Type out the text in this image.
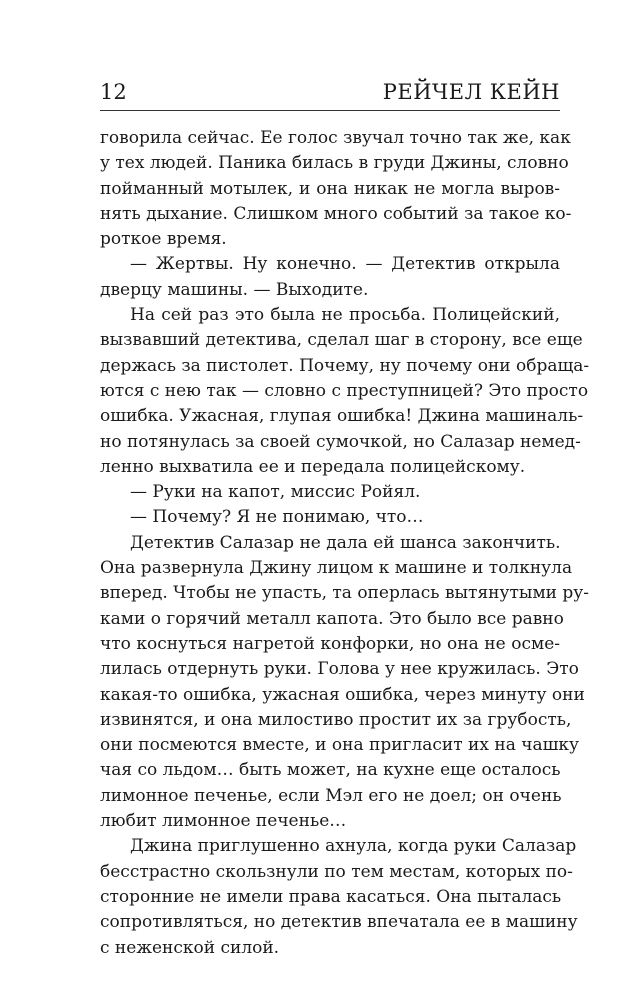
12	РЕЙЧЕЛ КЕЙН
говорила сейчас. Ее голос звучал точно так же, как
у тех людей. Паника билась в груди Джины, словно
пойманный мотылек, и она никак не могла выров-
нять дыхание. Слишком много событий за такое ко-
роткое время.
— Жертвы. Ну конечно. — Детектив открыла
дверцу машины. — Выходите.
На сей раз это была не просьба. Полицейский,
вызвавший детектива, сделал шаг в сторону, все еще
держась за пистолет. Почему, ну почему они обраща-
ются с нею так — словно с преступницей? Это просто
ошибка. Ужасная, глупая ошибка! Джина машиналь-
но потянулась за своей сумочкой, но Салазар немед-
ленно выхватила ее и передала полицейскому.
— Руки на капот, миссис Ройял.
— Почему? Я не понимаю, что…
Детектив Салазар не дала ей шанса закончить.
Она развернула Джину лицом к машине и толкнула
вперед. Чтобы не упасть, та оперлась вытянутыми ру-
ками о горячий металл капота. Это было все равно
что коснуться нагретой конфорки, но она не осме-
лилась отдернуть руки. Голова у нее кружилась. Это
какая-то ошибка, ужасная ошибка, через минуту они
извинятся, и она милостиво простит их за грубость,
они посмеются вместе, и она пригласит их на чашку
чая со льдом… быть может, на кухне еще осталось
лимонное печенье, если Мэл его не доел; он очень
любит лимонное печенье…
Джина приглушенно ахнула, когда руки Салазар
бесстрастно скользнули по тем местам, которых по-
сторонние не имели права касаться. Она пыталась
сопротивляться, но детектив впечатала ее в машину
с неженской силой.
